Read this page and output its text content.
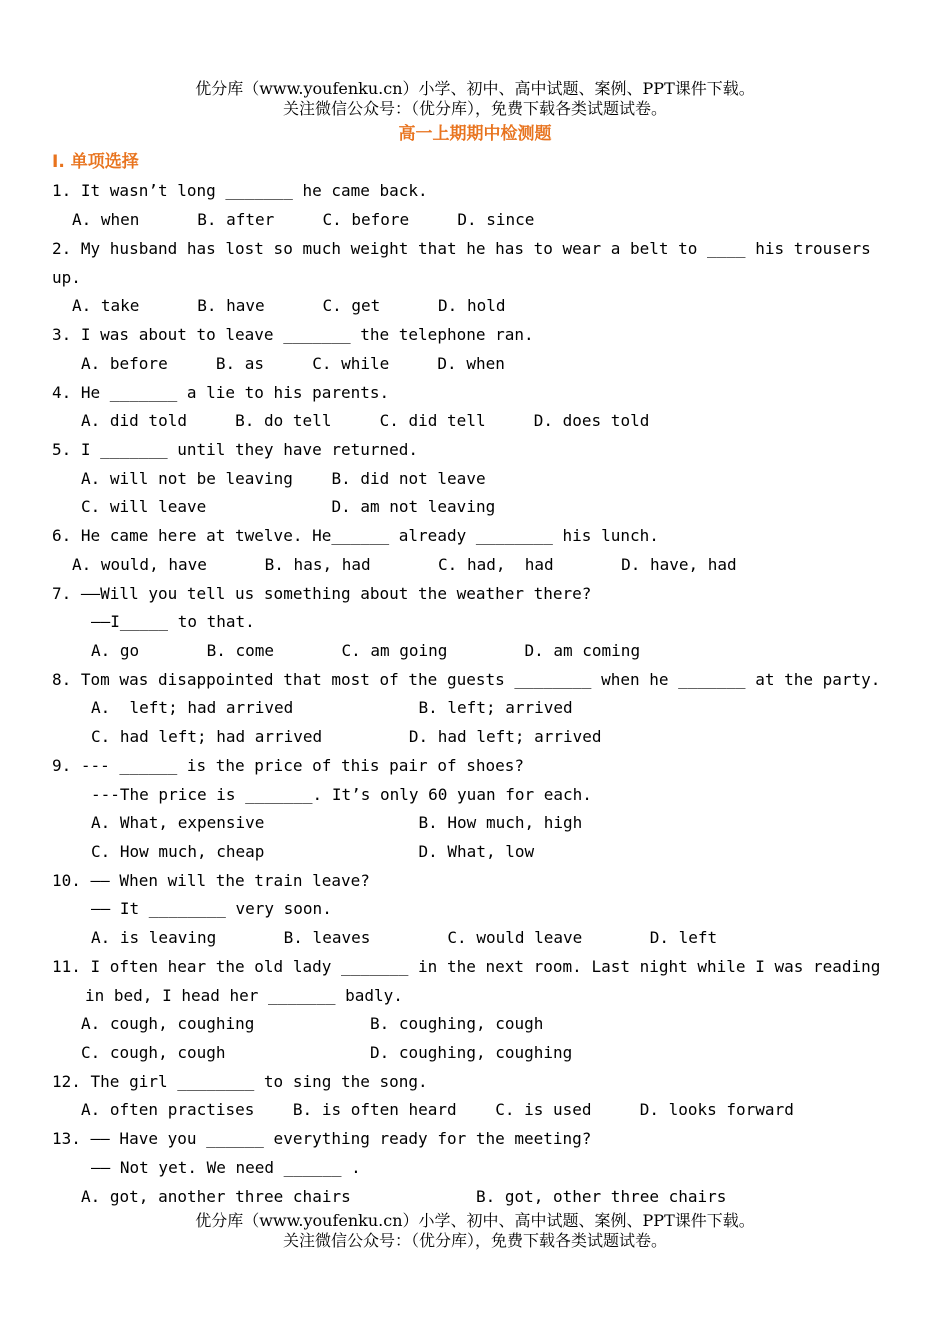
优分库（www.youfenku.cn）小学、初中、高中试题、案例、PPT课件下载。
关注微信公众号：（优分库），免费下载各类试题试卷。
高一上期期中检测题
I. 单项选择
1. It wasn’t long _______ he came back.
A. when      B. after     C. before     D. since
2. My husband has lost so much weight that he has to wear a belt to ____ his trousers
up.
A. take      B. have      C. get      D. hold
3. I was about to leave _______ the telephone ran.
A. before     B. as     C. while     D. when
4. He _______ a lie to his parents.
A. did told     B. do tell     C. did tell     D. does told
5. I _______ until they have returned.
A. will not be leaving    B. did not leave
C. will leave             D. am not leaving
6. He came here at twelve. He______ already ________ his lunch.
A. would, have      B. has, had       C. had,  had       D. have, had
7. ——Will you tell us something about the weather there?
——I_____ to that.
A. go       B. come       C. am going        D. am coming
8. Tom was disappointed that most of the guests ________ when he _______ at the party.
A.  left; had arrived             B. left; arrived
C. had left; had arrived         D. had left; arrived
9. --- ______ is the price of this pair of shoes?
---The price is _______. It’s only 60 yuan for each.
A. What, expensive                B. How much, high
C. How much, cheap                D. What, low
10. —— When will the train leave?
—— It ________ very soon.
A. is leaving       B. leaves        C. would leave       D. left
11. I often hear the old lady _______ in the next room. Last night while I was reading
in bed, I head her _______ badly.
A. cough, coughing            B. coughing, cough
C. cough, cough               D. coughing, coughing
12. The girl ________ to sing the song.
A. often practises    B. is often heard    C. is used     D. looks forward
13. —— Have you ______ everything ready for the meeting?
—— Not yet. We need ______ .
A. got, another three chairs             B. got, other three chairs
优分库（www.youfenku.cn）小学、初中、高中试题、案例、PPT课件下载。
关注微信公众号：（优分库），免费下载各类试题试卷。
